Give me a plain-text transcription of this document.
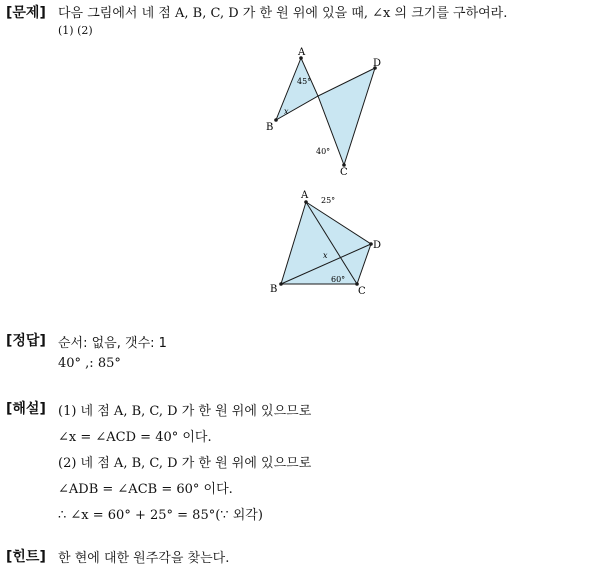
[문제] 다음 그림에서 네 점 A, B, C, D 가 한 원 위에 있을 때, ∠x 의 크기를 구하여라.
(1) (2)
A
B
C
D
45°
x
40°
A
B	C
D
25°
x
60°
[정답] 순서: 없음, 갯수: 1
40° ,: 85°
[해설] (1) 네 점 A, B, C, D 가 한 원 위에 있으므로
∠x = ∠ACD = 40° 이다.
(2) 네 점 A, B, C, D 가 한 원 위에 있으므로
∠ADB = ∠ACB = 60° 이다.
∴ ∠x = 60° + 25° = 85°(∵ 외각)
[힌트] 한 현에 대한 원주각을 찾는다.
